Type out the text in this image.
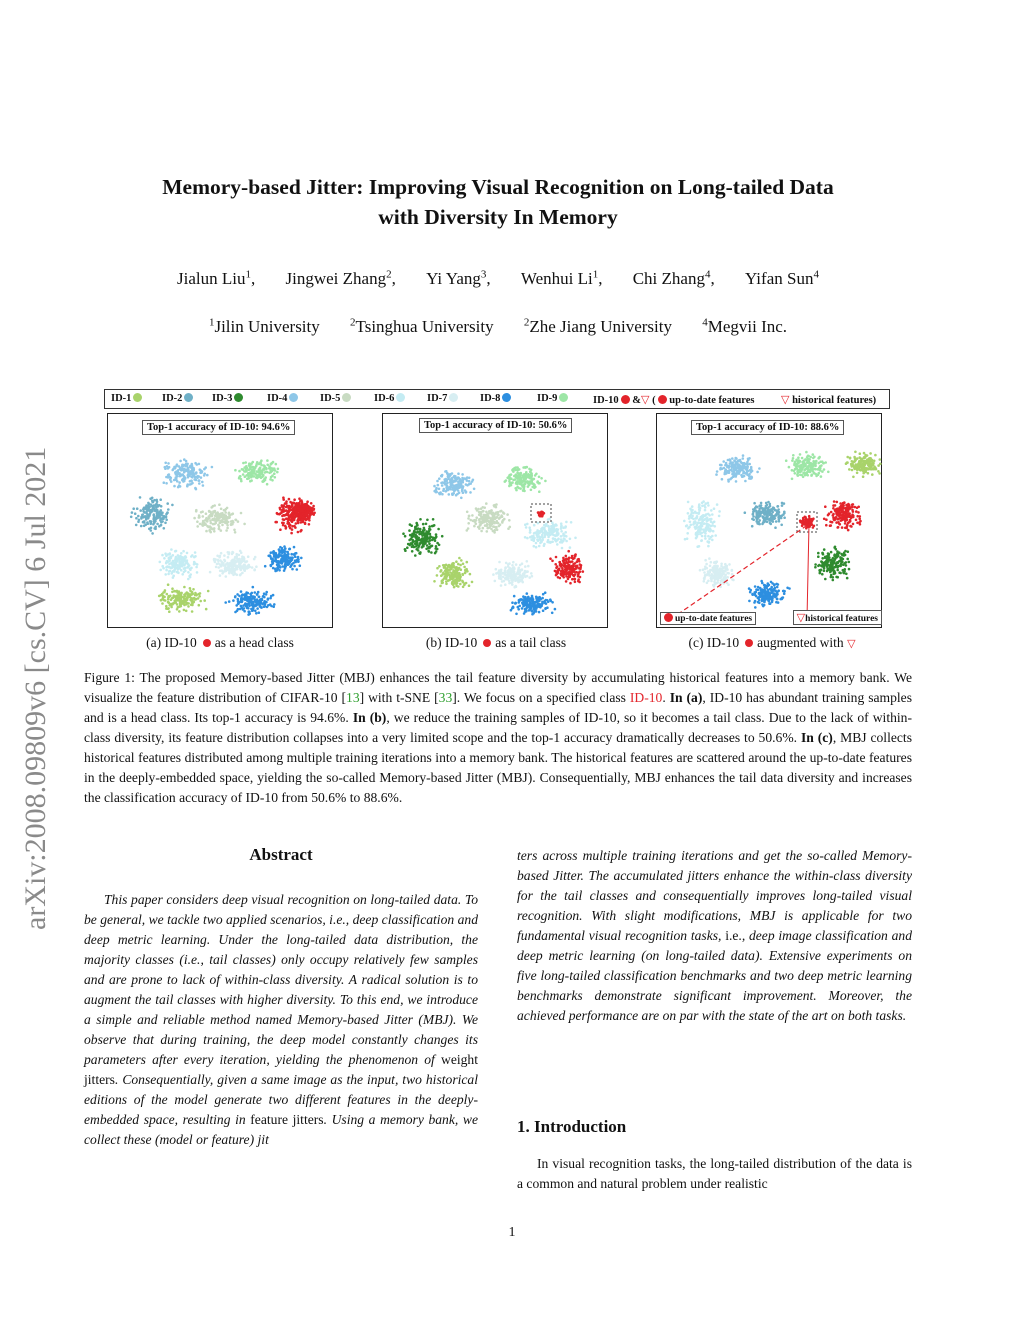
arXiv:2008.09809v6 [cs.CV] 6 Jul 2021
Memory-based Jitter: Improving Visual Recognition on Long-tailed Data
with Diversity In Memory
Jialun Liu$^1$, Jingwei Zhang$^2$, Yi Yang$^3$, Wenhui Li$^1$, Chi Zhang$^4$, Yifan Sun$^4$
$^1$Jilin University	$^2$Tsinghua University	$^2$Zhe Jiang University	$^4$Megvii Inc.
ID-1	ID-2	ID-3	ID-4	ID-5	ID-6	ID-7	ID-8	ID-9	ID-10 &▽ ( up-to-date features ▽ historical features)
Top-1 accuracy of ID-10: 94.6%	Top-1 accuracy of ID-10: 50.6%	Top-1 accuracy of ID-10: 88.6%
up-to-date features	▽historical features
(a) ID-10 as a head class	(b) ID-10 as a tail class	(c) ID-10 augmented with ▽
Figure 1: The proposed Memory-based Jitter (MBJ) enhances the tail feature diversity by accumulating historical features into a memory bank. We visualize the feature distribution of CIFAR-10 [13] with t-SNE [33]. We focus on a specified class ID-10. In (a), ID-10 has abundant training samples and is a head class. Its top-1 accuracy is 94.6%. In (b), we reduce the training samples of ID-10, so it becomes a tail class. Due to the lack of within-class diversity, its feature distribution collapses into a very limited scope and the top-1 accuracy dramatically decreases to 50.6%. In (c), MBJ collects historical features distributed among multiple training iterations into a memory bank. The historical features are scattered around the up-to-date features in the deeply-embedded space, yielding the so-called Memory-based Jitter (MBJ). Consequentially, MBJ enhances the tail data diversity and increases the classification accuracy of ID-10 from 50.6% to 88.6%.
Abstract
This paper considers deep visual recognition on long-tailed data. To be general, we tackle two applied scenarios, i.e., deep classification and deep metric learning. Under the long-tailed data distribution, the majority classes (i.e., tail classes) only occupy relatively few samples and are prone to lack of within-class diversity. A radical solution is to augment the tail classes with higher diversity. To this end, we introduce a simple and reliable method named Memory-based Jitter (MBJ). We observe that during training, the deep model constantly changes its parameters after every iteration, yielding the phenomenon of weight jitters. Consequentially, given a same image as the input, two historical editions of the model generate two different features in the deeply-embedded space, resulting in feature jitters. Using a memory bank, we collect these (model or feature) jit
ters across multiple training iterations and get the so-called Memory-based Jitter. The accumulated jitters enhance the within-class diversity for the tail classes and consequentially improves long-tailed visual recognition. With slight modifications, MBJ is applicable for two fundamental visual recognition tasks, i.e., deep image classification and deep metric learning (on long-tailed data). Extensive experiments on five long-tailed classification benchmarks and two deep metric learning benchmarks demonstrate significant improvement. Moreover, the achieved performance are on par with the state of the art on both tasks.
1. Introduction
In visual recognition tasks, the long-tailed distribution of the data is a common and natural problem under realistic
1
